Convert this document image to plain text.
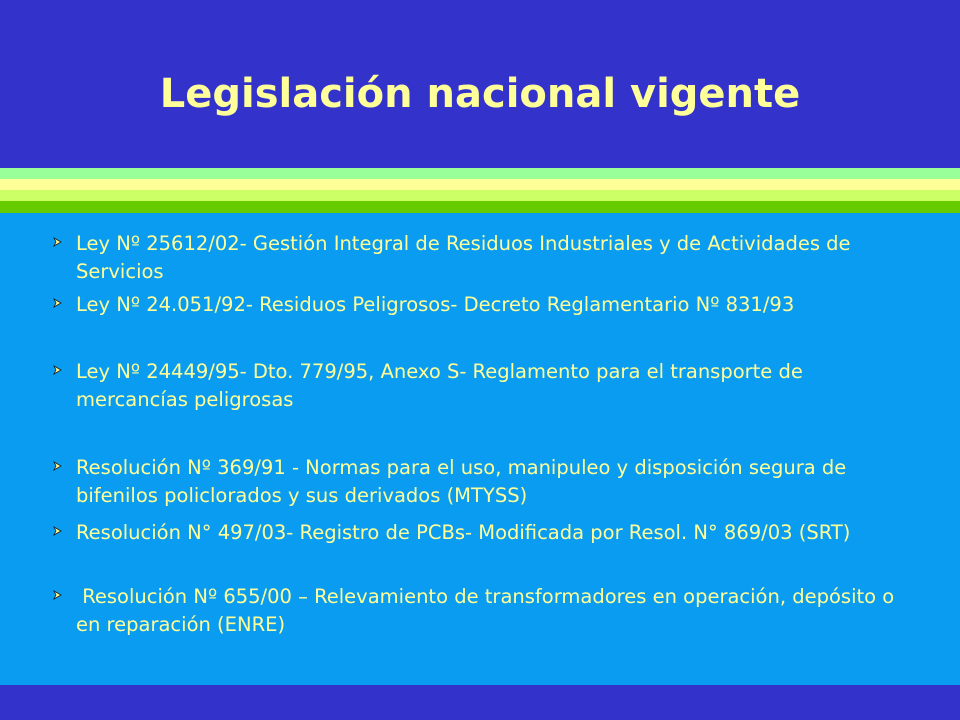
Legislación nacional vigente

Ley Nº 25612/02- Gestión Integral de Residuos Industriales y de Actividades de Servicios

Ley Nº 24.051/92- Residuos Peligrosos- Decreto Reglamentario Nº 831/93

Ley Nº 24449/95- Dto. 779/95, Anexo S- Reglamento para el transporte de mercancías peligrosas

Resolución Nº 369/91 - Normas para el uso, manipuleo y disposición segura de bifenilos policlorados y sus derivados (MTYSS)

Resolución N° 497/03- Registro de PCBs- Modificada por Resol. N° 869/03 (SRT)

Resolución Nº 655/00 – Relevamiento de transformadores en operación, depósito o en reparación (ENRE)
